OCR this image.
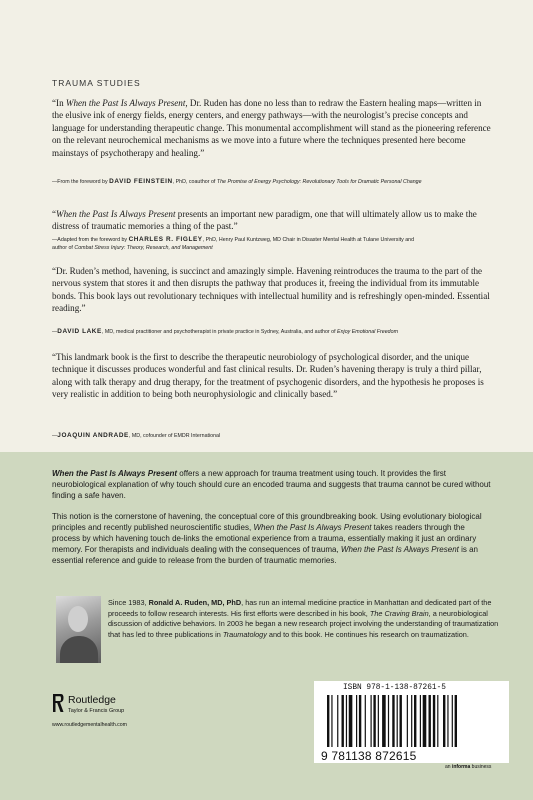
TRAUMA STUDIES

“In When the Past Is Always Present, Dr. Ruden has done no less than to redraw the Eastern healing maps—written in the elusive ink of energy fields, energy centers, and energy pathways—with the neurologist’s precise concepts and language for understanding therapeutic change. This monumental accomplishment will stand as the pioneering reference on the relevant neurochemical mechanisms as we move into a future where the techniques presented here become mainstays of psychotherapy and healing.”

—From the foreword by DAVID FEINSTEIN, PhD, coauthor of The Promise of Energy Psychology: Revolutionary Tools for Dramatic Personal Change

“When the Past Is Always Present presents an important new paradigm, one that will ultimately allow us to make the distress of traumatic memories a thing of the past.”

—Adapted from the foreword by CHARLES R. FIGLEY, PhD, Henry Paul Kuntzweg, MD Chair in Disaster Mental Health at Tulane University and
author of Combat Stress Injury: Theory, Research, and Management

“Dr. Ruden’s method, havening, is succinct and amazingly simple. Havening reintroduces the trauma to the part of the nervous system that stores it and then disrupts the pathway that produces it, freeing the individual from its immutable bonds. This book lays out revolutionary techniques with intellectual humility and is refreshingly open-minded. Essential reading.”

—DAVID LAKE, MD, medical practitioner and psychotherapist in private practice in Sydney, Australia, and author of Enjoy Emotional Freedom

“This landmark book is the first to describe the therapeutic neurobiology of psychological disorder, and the unique technique it discusses produces wonderful and fast clinical results. Dr. Ruden’s havening therapy is truly a third pillar, along with talk therapy and drug therapy, for the treatment of psychogenic disorders, and the hypothesis he proposes is very realistic in addition to being both neurophysiologic and clinically based.”

—JOAQUIN ANDRADE, MD, cofounder of EMDR International

When the Past Is Always Present offers a new approach for trauma treatment using touch. It provides the first neurobiological explanation of why touch should cure an encoded trauma and suggests that trauma cannot be cured without finding a safe haven.

This notion is the cornerstone of havening, the conceptual core of this groundbreaking book. Using evolutionary biological principles and recently published neuroscientific studies, When the Past Is Always Present takes readers through the process by which havening touch de-links the emotional experience from a trauma, essentially making it just an ordinary memory. For therapists and individuals dealing with the consequences of trauma, When the Past Is Always Present is an essential reference and guide to release from the burden of traumatic memories.

Since 1983, Ronald A. Ruden, MD, PhD, has run an internal medicine practice in Manhattan and dedicated part of the proceeds to follow research interests. His first efforts were described in his book, The Craving Brain, a neurobiological discussion of addictive behaviors. In 2003 he began a new research project involving the understanding of traumatization that has led to three publications in Traumatology and to this book. He continues his research on traumatization.

Routledge
Taylor & Francis Group
www.routledgementalhealth.com
ISBN 978-1-138-87261-5
9 781138 872615
an informa business
